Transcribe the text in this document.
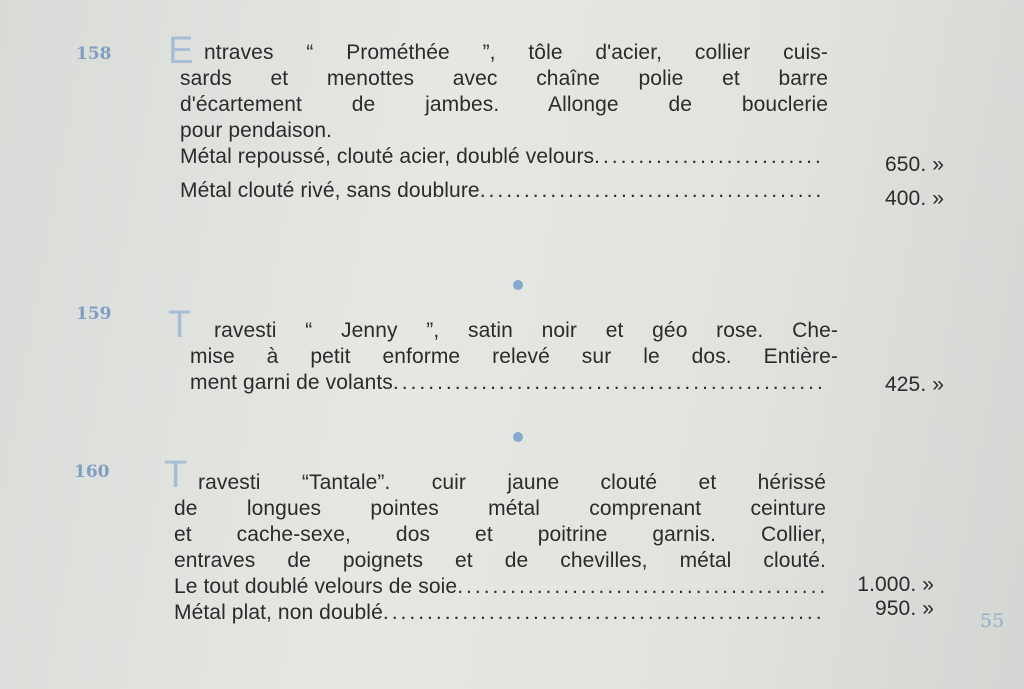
158 E ntraves “ Prométhée ”, tôle d'acier, collier cuis-
sards et menottes avec chaîne polie et barre
d'écartement de jambes. Allonge de bouclerie
pour pendaison.
Métal repoussé, clouté acier, doublé velours .....	650. »
Métal clouté rivé, sans doublure .....	400. »
159 T	ravesti “ Jenny ”, satin noir et géo rose. Che-
mise à petit enforme relevé sur le dos. Entière-
ment garni de volants .....	425. »
160 T ravesti “Tantale”. cuir jaune clouté et hérissé
de longues pointes métal comprenant ceinture
et cache-sexe, dos et poitrine garnis. Collier,
entraves de poignets et de chevilles, métal clouté.
Le tout doublé velours de soie .....	1.000. »
Métal plat, non doublé .....	950. »
55
